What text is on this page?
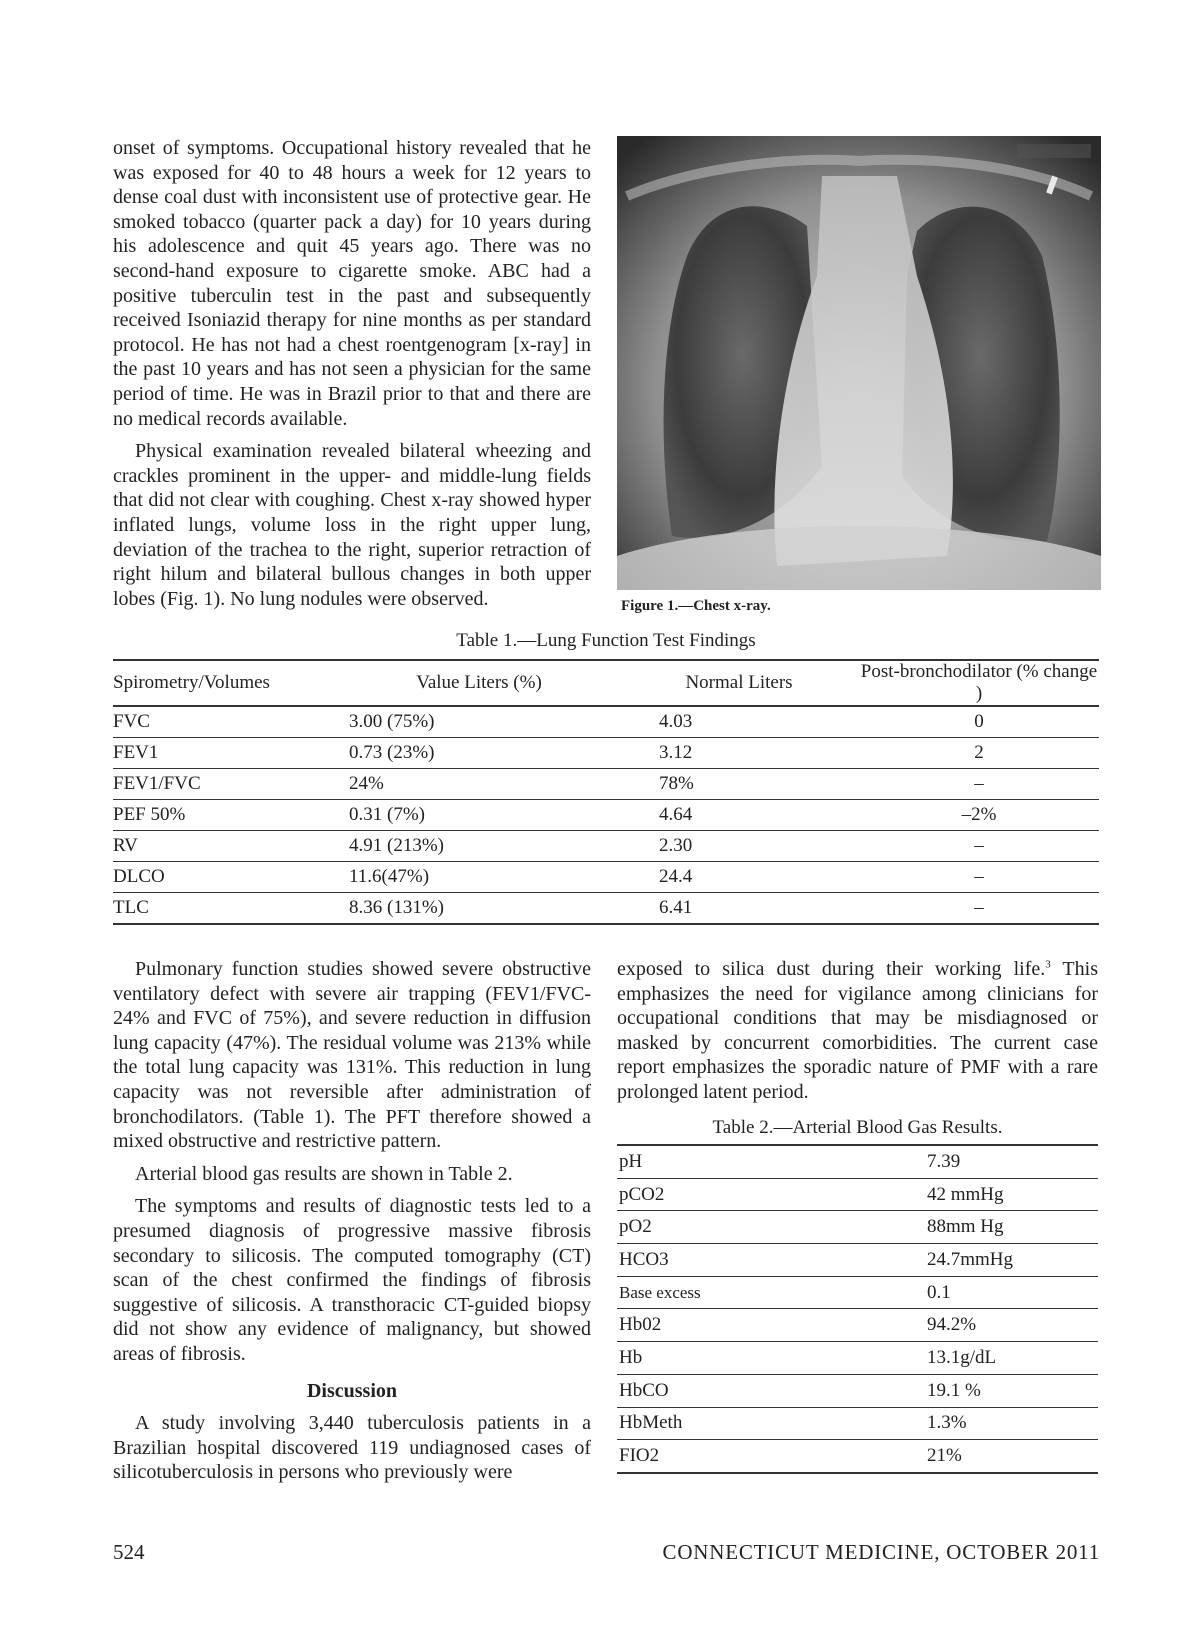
onset of symptoms. Occupational history revealed that he was exposed for 40 to 48 hours a week for 12 years to dense coal dust with inconsistent use of protective gear. He smoked tobacco (quarter pack a day) for 10 years during his adolescence and quit 45 years ago. There was no second-hand exposure to cigarette smoke. ABC had a positive tuberculin test in the past and subsequently received Isoniazid therapy for nine months as per standard protocol. He has not had a chest roentgenogram [x-ray] in the past 10 years and has not seen a physician for the same period of time. He was in Brazil prior to that and there are no medical records available.

Physical examination revealed bilateral wheezing and crackles prominent in the upper- and middle-lung fields that did not clear with coughing. Chest x-ray showed hyper inflated lungs, volume loss in the right upper lung, deviation of the trachea to the right, superior retraction of right hilum and bilateral bullous changes in both upper lobes (Fig. 1). No lung nodules were observed.	Figure 1.—Chest x-ray.
Table 1.—Lung Function Test Findings
Spirometry/Volumes	Value Liters (%)	Normal Liters	Post-bronchodilator (% change )
FVC	3.00 (75%)	4.03	0
FEV1	0.73 (23%)	3.12	2
FEV1/FVC	24%	78%	–
PEF 50%	0.31 (7%)	4.64	–2%
RV	4.91 (213%)	2.30	–
DLCO	11.6(47%)	24.4	–
TLC	8.36 (131%)	6.41	–

Pulmonary function studies showed severe obstructive ventilatory defect with severe air trapping (FEV1/FVC-24% and FVC of 75%), and severe reduction in diffusion lung capacity (47%). The residual volume was 213% while the total lung capacity was 131%. This reduction in lung capacity was not reversible after administration of bronchodilators. (Table 1). The PFT therefore showed a mixed obstructive and restrictive pattern.

Arterial blood gas results are shown in Table 2.

The symptoms and results of diagnostic tests led to a presumed diagnosis of progressive massive fibrosis secondary to silicosis. The computed tomography (CT) scan of the chest confirmed the findings of fibrosis suggestive of silicosis. A transthoracic CT-guided biopsy did not show any evidence of malignancy, but showed areas of fibrosis.

Discussion

A study involving 3,440 tuberculosis patients in a Brazilian hospital discovered 119 undiagnosed cases of silicotuberculosis in persons who previously were

exposed to silica dust during their working life.$^3$ This emphasizes the need for vigilance among clinicians for occupational conditions that may be misdiagnosed or masked by concurrent comorbidities. The current case report emphasizes the sporadic nature of PMF with a rare prolonged latent period.

Table 2.—Arterial Blood Gas Results.
pH	7.39
pCO2	42 mmHg
pO2	88mm Hg
HCO3	24.7mmHg
Base excess	0.1
Hb02	94.2%
Hb	13.1g/dL
HbCO	19.1 %
HbMeth	1.3%
FIO2	21%
524	CONNECTICUT MEDICINE, OCTOBER 2011
